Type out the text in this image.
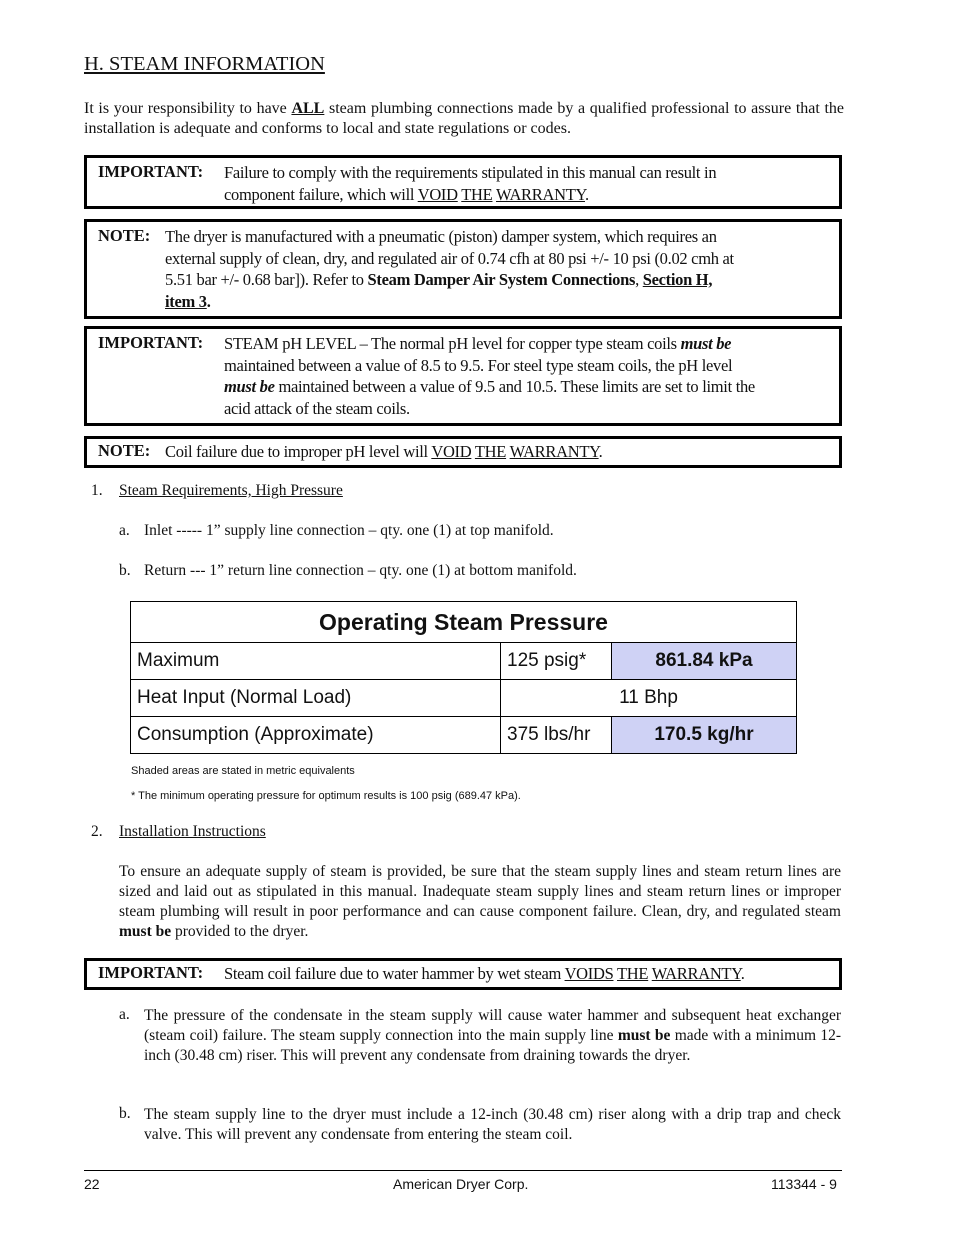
H. STEAM INFORMATION

It is your responsibility to have ALL steam plumbing connections made by a qualified professional to assure that the installation is adequate and conforms to local and state regulations or codes.

IMPORTANT: Failure to comply with the requirements stipulated in this manual can result in
component failure, which will VOID THE WARRANTY.
NOTE: The dryer is manufactured with a pneumatic (piston) damper system, which requires an
external supply of clean, dry, and regulated air of 0.74 cfh at 80 psi +/- 10 psi (0.02 cmh at
5.51 bar +/- 0.68 bar]). Refer to Steam Damper Air System Connections, Section H,
item 3.
IMPORTANT: STEAM pH LEVEL – The normal pH level for copper type steam coils must be
maintained between a value of 8.5 to 9.5. For steel type steam coils, the pH level
must be maintained between a value of 9.5 and 10.5. These limits are set to limit the
acid attack of the steam coils.
NOTE: Coil failure due to improper pH level will VOID THE WARRANTY.
1. Steam Requirements, High Pressure
a. Inlet ----- 1” supply line connection – qty. one (1) at top manifold.
b. Return --- 1” return line connection – qty. one (1) at bottom manifold.
Operating Steam Pressure		
Maximum	125 psig*	861.84 kPa
Heat Input (Normal Load)	11 Bhp	
Consumption (Approximate)	375 lbs/hr	170.5 kg/hr
Shaded areas are stated in metric equivalents
* The minimum operating pressure for optimum results is 100 psig (689.47 kPa).
2. Installation Instructions

To ensure an adequate supply of steam is provided, be sure that the steam supply lines and steam return lines are sized and laid out as stipulated in this manual. Inadequate steam supply lines and steam return lines or improper steam plumbing will result in poor performance and can cause component failure. Clean, dry, and regulated steam must be provided to the dryer.

IMPORTANT: Steam coil failure due to water hammer by wet steam VOIDS THE WARRANTY.
a. The pressure of the condensate in the steam supply will cause water hammer and subsequent heat exchanger (steam coil) failure. The steam supply connection into the main supply line must be made with a minimum 12-inch (30.48 cm) riser. This will prevent any condensate from draining towards the dryer.

b. The steam supply line to the dryer must include a 12-inch (30.48 cm) riser along with a drip trap and check valve. This will prevent any condensate from entering the steam coil.

22	American Dryer Corp.	113344 - 9
